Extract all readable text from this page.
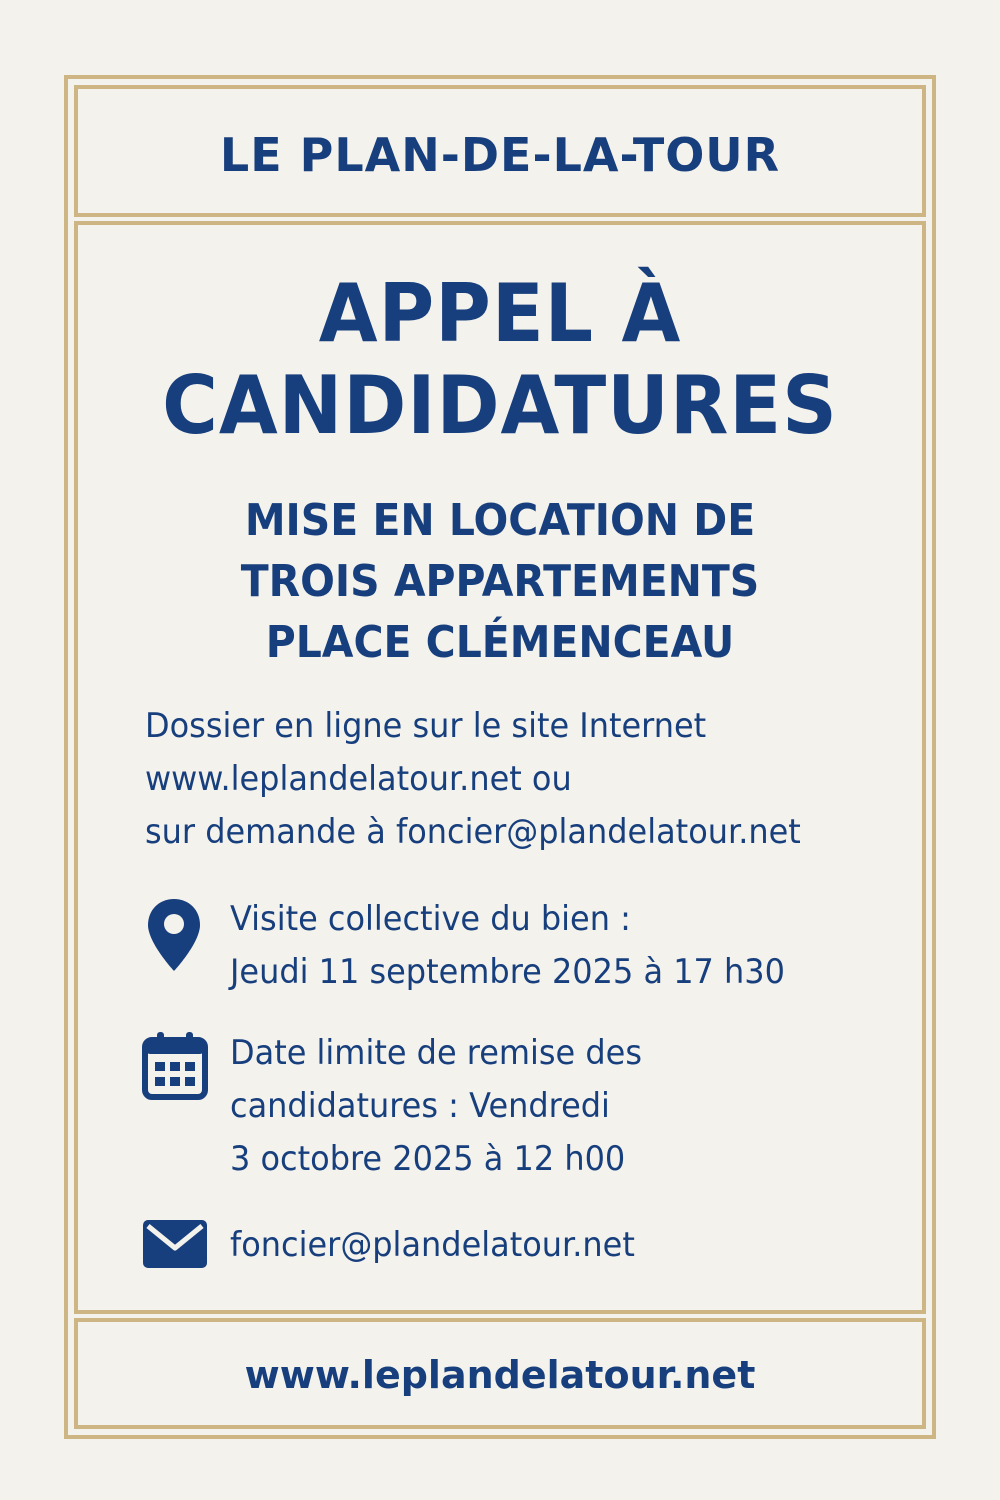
LE PLAN-DE-LA-TOUR
APPEL À
CANDIDATURES
MISE EN LOCATION DE
TROIS APPARTEMENTS
PLACE CLÉMENCEAU
Dossier en ligne sur le site Internet
www.leplandelatour.net ou
sur demande à foncier@plandelatour.net
Visite collective du bien :
Jeudi 11 septembre 2025 à 17 h30
Date limite de remise des
candidatures : Vendredi
3 octobre 2025 à 12 h00
foncier@plandelatour.net
www.leplandelatour.net
